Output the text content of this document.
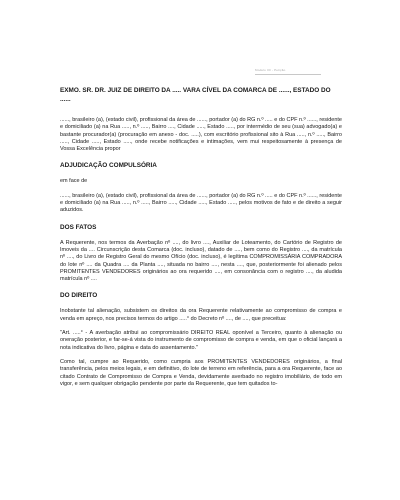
Modelo 00 - Petição
EXMO. SR. DR. JUIZ DE DIREITO DA ..... VARA CÍVEL DA COMARCA DE ......, ESTADO DO ......

......, brasileiro (a), (estado civil), profissional da área de ......, portador (a) do RG n.º ..... e do CPF n.º ......, residente e domiciliado (a) na Rua ....., n.º ....., Bairro ...., Cidade ....., Estado ....., por intermédio de seu (sua) advogado(a) e bastante procurador(a) (procuração em anexo - doc. .....), com escritório profissional sito à Rua ....., n.º ....., Bairro ....., Cidade ....., Estado ....., onde recebe notificações e intimações, vem mui respeitosamente à presença de Vossa Excelência propor

ADJUDICAÇÃO COMPULSÓRIA

em face de

......, brasileiro (a), (estado civil), profissional da área de ......, portador (a) do RG n.º ..... e do CPF n.º ......, residente e domiciliado (a) na Rua ....., n.º ....., Bairro ....., Cidade ....., Estado ....., pelos motivos de fato e de direito a seguir aduzidos.

DOS FATOS

A Requerente, nos termos da Averbação nº ...., do livro ...., Auxiliar de Loteamento, do Cartório de Registro de Imoveis da .... Circunscrição desta Comarca (doc. incluso), datado de ...., bem como do Registro ...., da matrícula nº ...., do Livro de Registro Geral do mesmo Ofício (doc. incluso), é legítima COMPROMISSÁRIA COMPRADORA do lote nº .... da Quadra .... da Planta ...., situada no bairro ...., nesta ...., que, posteriormente foi alienado pelos PROMITENTES VENDEDORES originários ao ora requerido ...., em consonância com o registro ...., da aludida matrícula nº ....

DO DIREITO

Inobstante tal alienação, subsistem os direitos da ora Requerente relativamente ao compromisso de compra e venda em apreço, nos precisos termos do artigo .....° do Decreto nº ...., de ...., que preceitua:

"Art. .....° - A averbação atribui ao compromissário DIREITO REAL oponível a Terceiro, quanto à alienação ou oneração posterior, e far-se-á vista do instrumento de compromisso de compra e venda, em que o oficial lançará a nota indicativa do livro, página e data do assentamento."

Como tal, cumpre ao Requerido, como cumpria aos PROMITENTES VENDEDORES originários, a final transferência, pelos meios legais, e em definitivo, do lote de terreno em referência, para a ora Requerente, face ao citado Contrato de Compromisso de Compra e Venda, devidamente averbado no registro imobiliário, de todo em vigor, e sem qualquer obrigação pendente por parte da Requerente, que tem quitados to-
